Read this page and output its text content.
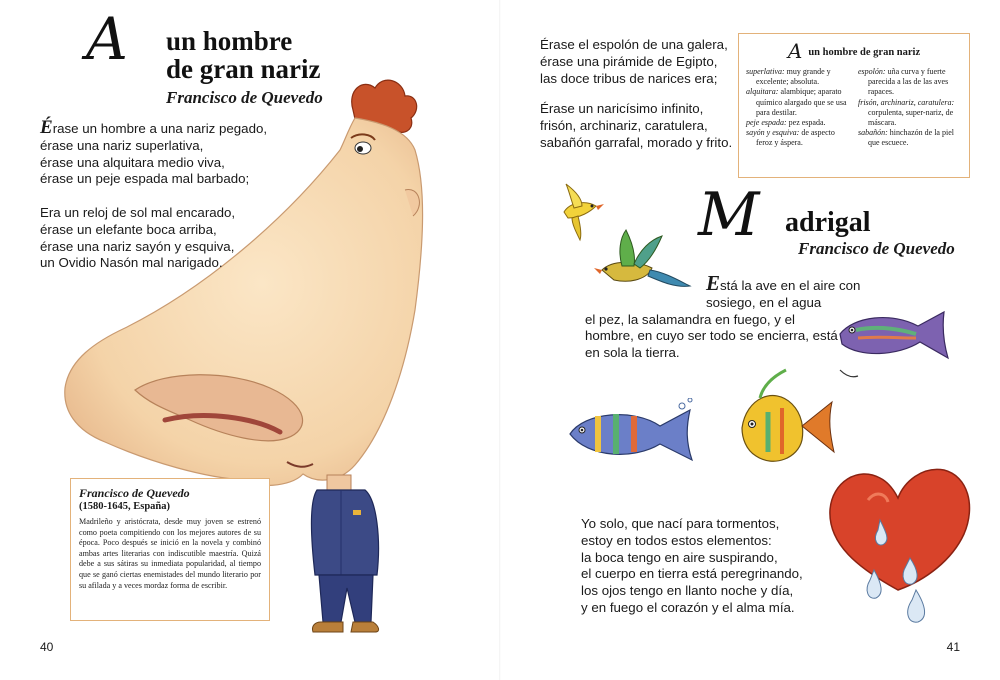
A un hombre
de gran nariz
Francisco de Quevedo
Érase un hombre a una nariz pegado,
érase una nariz superlativa,
érase una alquitara medio viva,
érase un peje espada mal barbado;
Era un reloj de sol mal encarado,
érase un elefante boca arriba,
érase una nariz sayón y esquiva,
un Ovidio Nasón mal narigado.
Francisco de Quevedo
(1580-1645, España)
Madrileño y aristócrata, desde muy joven se estrenó como poeta compitiendo con los mejores autores de su época. Poco después se inició en la novela y combinó ambas artes literarias con indiscutible maestría. Quizá debe a sus sátiras su inmediata popularidad, al tiempo que se ganó ciertas enemistades del mundo literario por su afilada y a veces mordaz forma de escribir.
40
Érase el espolón de una galera,
érase una pirámide de Egipto,
las doce tribus de narices era;
Érase un naricísimo infinito,
frisón, archinariz, caratulera,
sabañón garrafal, morado y frito.
Aun hombre de gran nariz
superlativa: muy grande y excelente; absoluta.
alquitara: alambique; aparato químico alargado que se usa para destilar.
peje espada: pez espada.
sayón y esquiva: de aspecto feroz y áspera.
espolón: uña curva y fuerte parecida a las de las aves rapaces.
frisón, archinariz, caratulera: corpulenta, super-nariz, de máscara.
sabañón: hinchazón de la piel que escuece.
M adrigal
Francisco de Quevedo
Está la ave en el aire con
sosiego, en el agua
el pez, la salamandra en fuego, y el
hombre, en cuyo ser todo se encierra, está
en sola la tierra.
Yo solo, que nací para tormentos,
estoy en todos estos elementos:
la boca tengo en aire suspirando,
el cuerpo en tierra está peregrinando,
los ojos tengo en llanto noche y día,
y en fuego el corazón y el alma mía.
41
